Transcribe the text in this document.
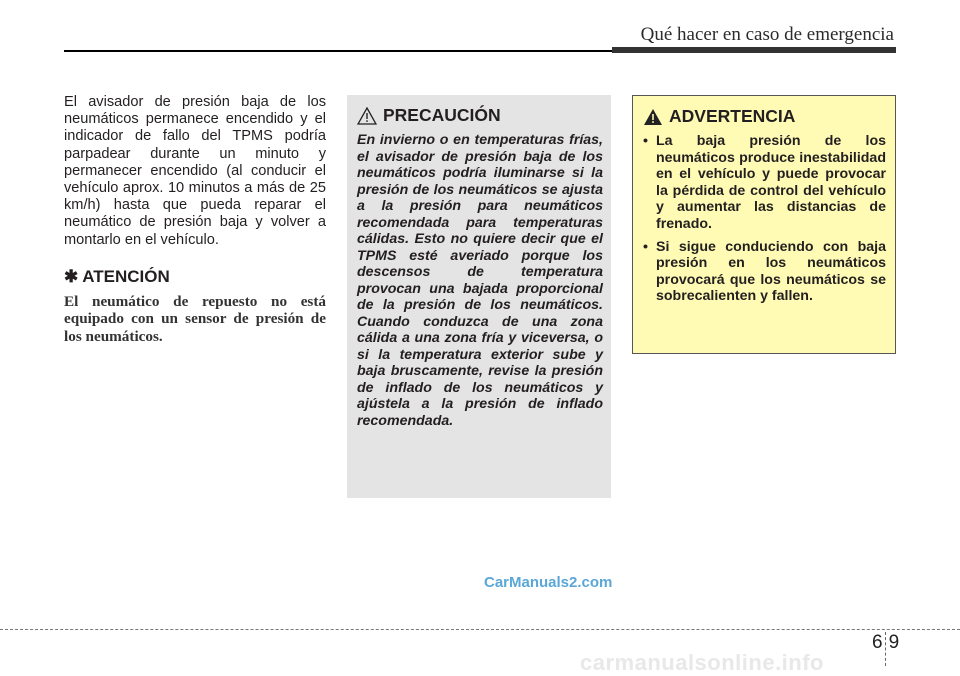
Qué hacer en caso de emergencia

El avisador de presión baja de los neumáticos permanece encendido y el indicador de fallo del TPMS podría parpadear durante un minuto y permanecer encendido (al conducir el vehículo aprox. 10 minutos a más de 25 km/h) hasta que pueda reparar el neumático de presión baja y volver a montarlo en el vehículo.

✱ ATENCIÓN

El neumático de repuesto no está equipado con un sensor de presión de los neumáticos.

PRECAUCIÓN

En invierno o en temperaturas frías, el avisador de presión baja de los neumáticos podría iluminarse si la presión de los neumáticos se ajusta a la presión para neumáticos recomendada para temperaturas cálidas. Esto no quiere decir que el TPMS esté averiado porque los descensos de temperatura provocan una bajada proporcional de la presión de los neumáticos. Cuando conduzca de una zona cálida a una zona fría y viceversa, o si la temperatura exterior sube y baja bruscamente, revise la presión de inflado de los neumáticos y ajústela a la presión de inflado recomendada.

ADVERTENCIA
• La baja presión de los neumáticos produce inestabilidad en el vehículo y puede provocar la pérdida de control del vehículo y aumentar las distancias de frenado.
• Si sigue conduciendo con baja presión en los neumáticos provocará que los neumáticos se sobrecalienten y fallen.
CarManuals2.com
69
carmanualsonline.info
